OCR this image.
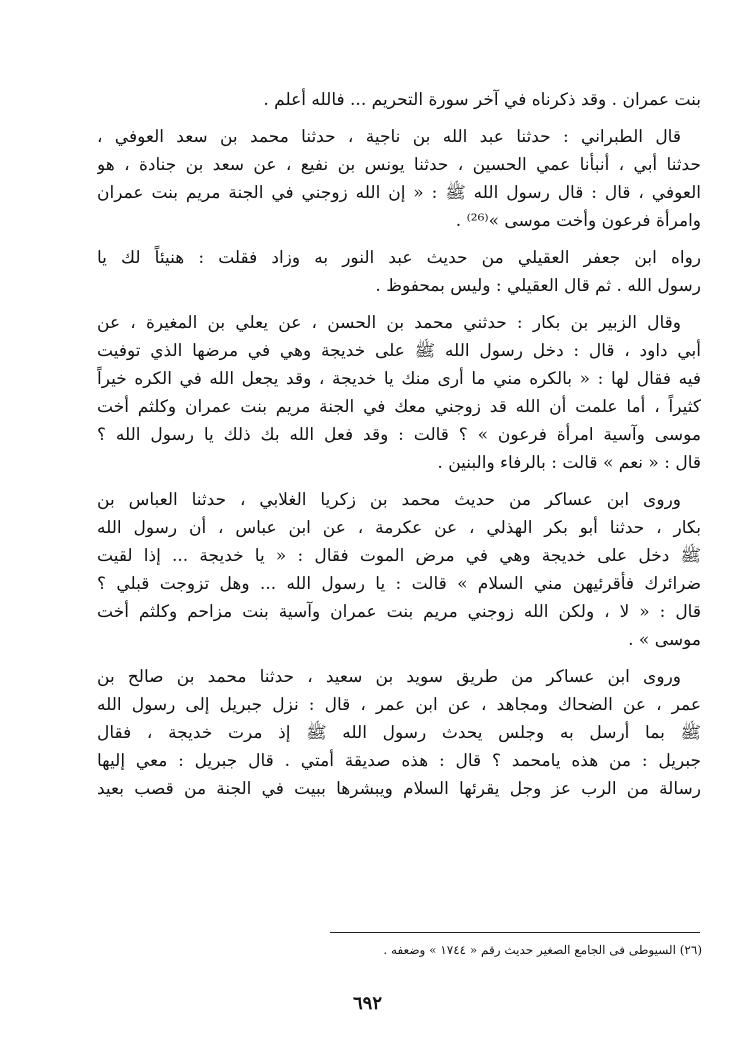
بنت عمران . وقد ذكرناه في آخر سورة التحريم ... فالله أعلم .
قال الطبراني : حدثنا عبد الله بن ناجية ، حدثنا محمد بن سعد العوفي ،
حدثنا أبي ، أنبأنا عمي الحسين ، حدثنا يونس بن نفيع ، عن سعد بن جنادة ، هو
العوفي ، قال : قال رسول الله ﷺ : « إن الله زوجني في الجنة مريم بنت عمران
وامرأة فرعون وأخت موسى »⁽²⁶⁾ .
رواه ابن جعفر العقيلي من حديث عبد النور به وزاد فقلت : هنيئاً لك يا
رسول الله . ثم قال العقيلي : وليس بمحفوظ .
وقال الزبير بن بكار : حدثني محمد بن الحسن ، عن يعلي بن المغيرة ، عن
أبي داود ، قال : دخل رسول الله ﷺ على خديجة وهي في مرضها الذي توفيت
فيه فقال لها : « بالكره مني ما أرى منك يا خديجة ، وقد يجعل الله في الكره خيراً
كثيراً ، أما علمت أن الله قد زوجني معك في الجنة مريم بنت عمران وكلثم أخت
موسى وآسية امرأة فرعون » ؟ قالت : وقد فعل الله بك ذلك يا رسول الله ؟
قال : « نعم » قالت : بالرفاء والبنين .
وروى ابن عساكر من حديث محمد بن زكريا الغلابي ، حدثنا العباس بن
بكار ، حدثنا أبو بكر الهذلي ، عن عكرمة ، عن ابن عباس ، أن رسول الله
ﷺ دخل على خديجة وهي في مرض الموت فقال : « يا خديجة ... إذا لقيت
ضرائرك فأقرئيهن مني السلام » قالت : يا رسول الله ... وهل تزوجت قبلي ؟
قال : « لا ، ولكن الله زوجني مريم بنت عمران وآسية بنت مزاحم وكلثم أخت
موسى » .
وروى ابن عساكر من طريق سويد بن سعيد ، حدثنا محمد بن صالح بن
عمر ، عن الضحاك ومجاهد ، عن ابن عمر ، قال : نزل جبريل إلى رسول الله
ﷺ بما أرسل به وجلس يحدث رسول الله ﷺ إذ مرت خديجة ، فقال
جبريل : من هذه يامحمد ؟ قال : هذه صديقة أمتي . قال جبريل : معي إليها
رسالة من الرب عز وجل يقرئها السلام ويبشرها ببيت في الجنة من قصب بعيد
(٢٦) السيوطى فى الجامع الصغير حديث رقم « ١٧٤٤ » وضعفه .
٦٩٢
